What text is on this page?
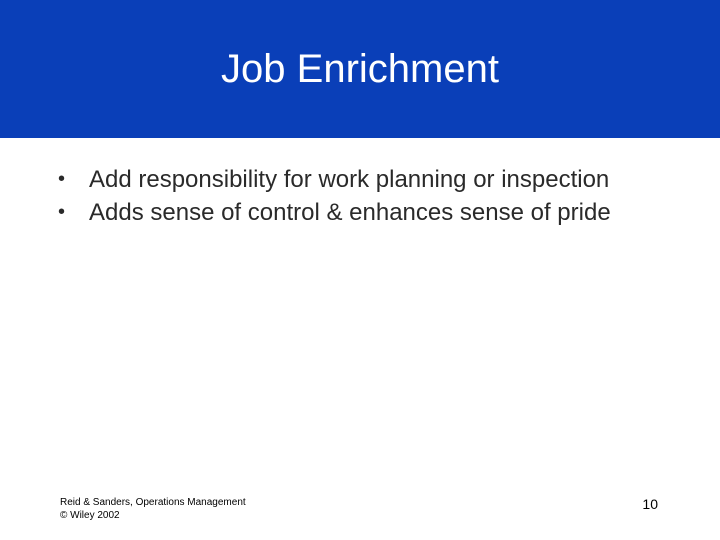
Job Enrichment
• Add responsibility for work planning or inspection
• Adds sense of control & enhances sense of pride
Reid & Sanders, Operations Management
© Wiley 2002
10
